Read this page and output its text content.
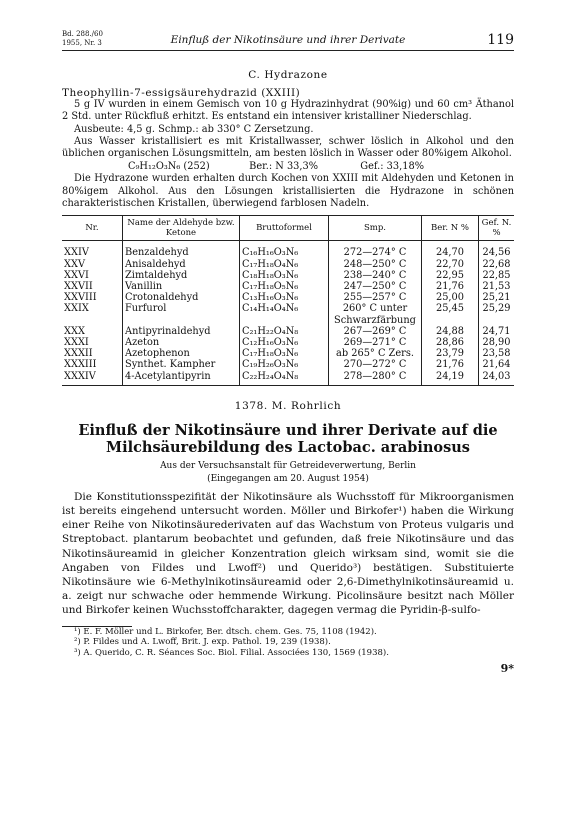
Bd. 288./60
1955, Nr. 3	Einfluß der Nikotinsäure und ihrer Derivate	119
C. Hydrazone
Theophyllin-7-essigsäurehydrazid (XXIII)

5 g IV wurden in einem Gemisch von 10 g Hydrazinhydrat (90%ig) und 60 cm³ Äthanol 2 Std. unter Rückfluß erhitzt. Es entstand ein intensiver kristalliner Niederschlag.

Ausbeute: 4,5 g. Schmp.: ab 330° C Zersetzung.

Aus Wasser kristallisiert es mit Kristallwasser, schwer löslich in Alkohol und den üblichen organischen Lösungsmitteln, am besten löslich in Wasser oder 80%igem Alkohol.

C₉H₁₂O₃N₆ (252)	Ber.: N 33,3%	Gef.: 33,18%

Die Hydrazone wurden erhalten durch Kochen von XXIII mit Aldehyden und Ketonen in 80%igem Alkohol. Aus den Lösungen kristallisierten die Hydrazone in schönen charakteristischen Kristallen, überwiegend farblosen Nadeln.

Nr.	Name der Aldehyde bzw. Ketone	Bruttoformel	Smp.	Ber. N %	Gef. N. %

XXIV	Benzaldehyd	C₁₆H₁₆O₃N₆	272—274° C	24,70	24,56
XXV	Anisaldehyd	C₁₇H₁₈O₄N₆	248—250° C	22,70	22,68
XXVI	Zimtaldehyd	C₁₈H₁₈O₃N₆	238—240° C	22,95	22,85
XXVII	Vanillin	C₁₇H₁₈O₅N₆	247—250° C	21,76	21,53
XXVIII	Crotonaldehyd	C₁₃H₁₆O₃N₆	255—257° C	25,00	25,21
XXIX	Furfurol	C₁₄H₁₄O₄N₆	260° C unter	25,45	25,29
			Schwarzfärbung		
XXX	Antipyrinaldehyd	C₂₁H₂₂O₄N₈	267—269° C	24,88	24,71
XXXI	Azeton	C₁₂H₁₆O₃N₆	269—271° C	28,86	28,90
XXXII	Azetophenon	C₁₇H₁₈O₃N₆	ab 265° C Zers.	23,79	23,58
XXXIII	Synthet. Kampher	C₁₉H₂₆O₃N₆	270—272° C	21,76	21,64
XXXIV	4-Acetylantipyrin	C₂₂H₂₄O₄N₈	278—280° C	24,19	24,03
1378. M. Rohrlich
Einfluß der Nikotinsäure und ihrer Derivate auf die Milchsäurebildung des Lactobac. arabinosus
Aus der Versuchsanstalt für Getreideverwertung, Berlin
(Eingegangen am 20. August 1954)

Die Konstitutionsspezifität der Nikotinsäure als Wuchsstoff für Mikroorganismen ist bereits eingehend untersucht worden. Möller und Birkofer¹) haben die Wirkung einer Reihe von Nikotinsäurederivaten auf das Wachstum von Proteus vulgaris und Streptobact. plantarum beobachtet und gefunden, daß freie Nikotinsäure und das Nikotinsäureamid in gleicher Konzentration gleich wirksam sind, womit sie die Angaben von Fildes und Lwoff²) und Querido³) bestätigen. Substituierte Nikotinsäure wie 6-Methylnikotinsäureamid oder 2,6-Dimethylnikotinsäureamid u. a. zeigt nur schwache oder hemmende Wirkung. Picolinsäure besitzt nach Möller und Birkofer keinen Wuchsstoffcharakter, dagegen vermag die Pyridin-β-sulfo-

¹) E. F. Möller und L. Birkofer, Ber. dtsch. chem. Ges. 75, 1108 (1942).
²) P. Fildes und A. Lwoff, Brit. J. exp. Pathol. 19, 239 (1938).
³) A. Querido, C. R. Séances Soc. Biol. Filial. Associées 130, 1569 (1938).
9*
